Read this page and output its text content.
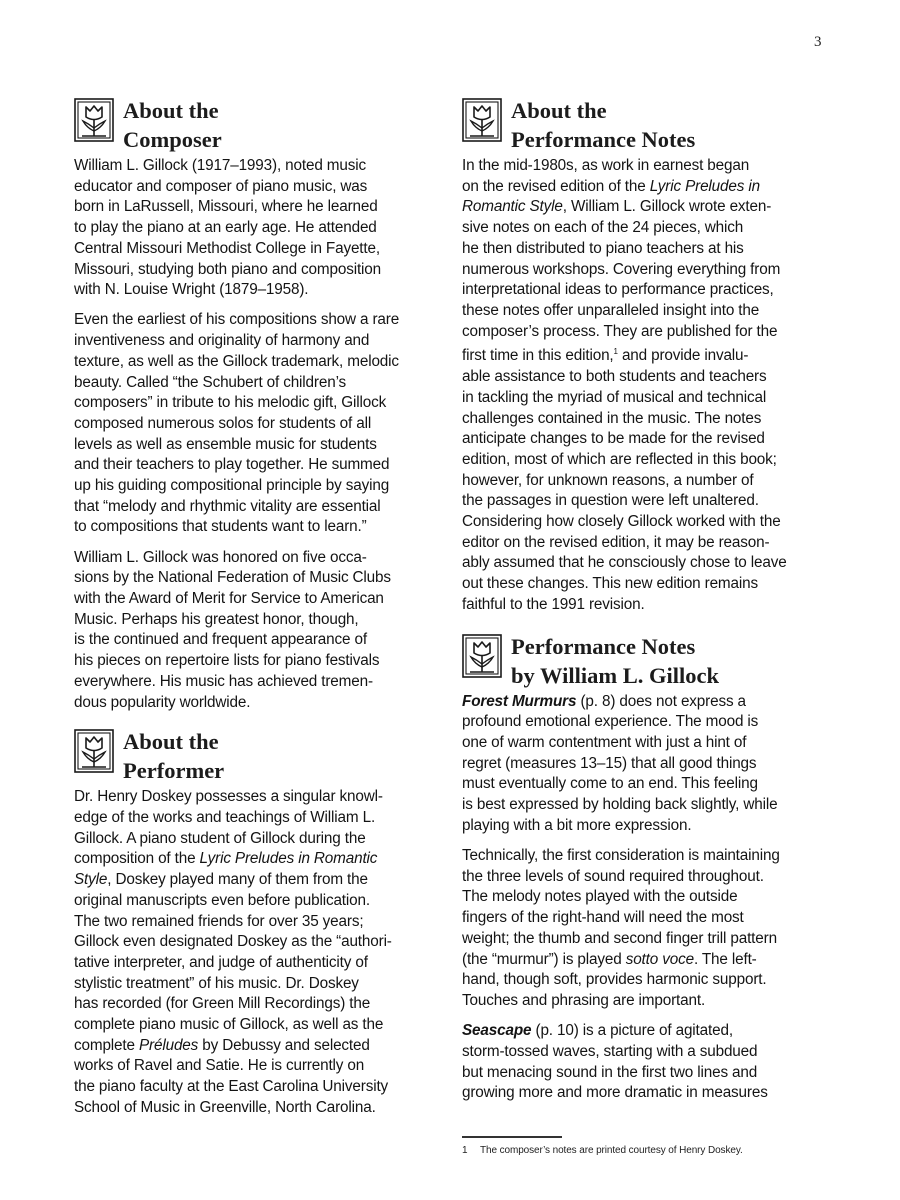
3
About the
Composer

William L. Gillock (1917–1993), noted music
educator and composer of piano music, was
born in LaRussell, Missouri, where he learned
to play the piano at an early age. He attended
Central Missouri Methodist College in Fayette,
Missouri, studying both piano and composition
with N. Louise Wright (1879–1958).

Even the earliest of his compositions show a rare
inventiveness and originality of harmony and
texture, as well as the Gillock trademark, melodic
beauty. Called “the Schubert of children’s
composers” in tribute to his melodic gift, Gillock
composed numerous solos for students of all
levels as well as ensemble music for students
and their teachers to play together. He summed
up his guiding compositional principle by saying
that “melody and rhythmic vitality are essential
to compositions that students want to learn.”

William L. Gillock was honored on five occa-
sions by the National Federation of Music Clubs
with the Award of Merit for Service to American
Music. Perhaps his greatest honor, though,
is the continued and frequent appearance of
his pieces on repertoire lists for piano festivals
everywhere. His music has achieved tremen-
dous popularity worldwide.

About the
Performer

Dr. Henry Doskey possesses a singular knowl-
edge of the works and teachings of William L.
Gillock. A piano student of Gillock during the
composition of the Lyric Preludes in Romantic
Style, Doskey played many of them from the
original manuscripts even before publication.
The two remained friends for over 35 years;
Gillock even designated Doskey as the “authori-
tative interpreter, and judge of authenticity of
stylistic treatment” of his music. Dr. Doskey
has recorded (for Green Mill Recordings) the
complete piano music of Gillock, as well as the
complete Préludes by Debussy and selected
works of Ravel and Satie. He is currently on
the piano faculty at the East Carolina University
School of Music in Greenville, North Carolina.

About the
Performance Notes

In the mid-1980s, as work in earnest began
on the revised edition of the Lyric Preludes in
Romantic Style, William L. Gillock wrote exten-
sive notes on each of the 24 pieces, which
he then distributed to piano teachers at his
numerous workshops. Covering everything from
interpretational ideas to performance practices,
these notes offer unparalleled insight into the
composer’s process. They are published for the
first time in this edition,$^1$ and provide invalu-
able assistance to both students and teachers
in tackling the myriad of musical and technical
challenges contained in the music. The notes
anticipate changes to be made for the revised
edition, most of which are reflected in this book;
however, for unknown reasons, a number of
the passages in question were left unaltered.
Considering how closely Gillock worked with the
editor on the revised edition, it may be reason-
ably assumed that he consciously chose to leave
out these changes. This new edition remains
faithful to the 1991 revision.

Performance Notes
by William L. Gillock

Forest Murmurs (p. 8) does not express a
profound emotional experience. The mood is
one of warm contentment with just a hint of
regret (measures 13–15) that all good things
must eventually come to an end. This feeling
is best expressed by holding back slightly, while
playing with a bit more expression.

Technically, the first consideration is maintaining
the three levels of sound required throughout.
The melody notes played with the outside
fingers of the right-hand will need the most
weight; the thumb and second finger trill pattern
(the “murmur”) is played sotto voce. The left-
hand, though soft, provides harmonic support.
Touches and phrasing are important.

Seascape (p. 10) is a picture of agitated,
storm-tossed waves, starting with a subdued
but menacing sound in the first two lines and
growing more and more dramatic in measures

1 The composer’s notes are printed courtesy of Henry Doskey.
